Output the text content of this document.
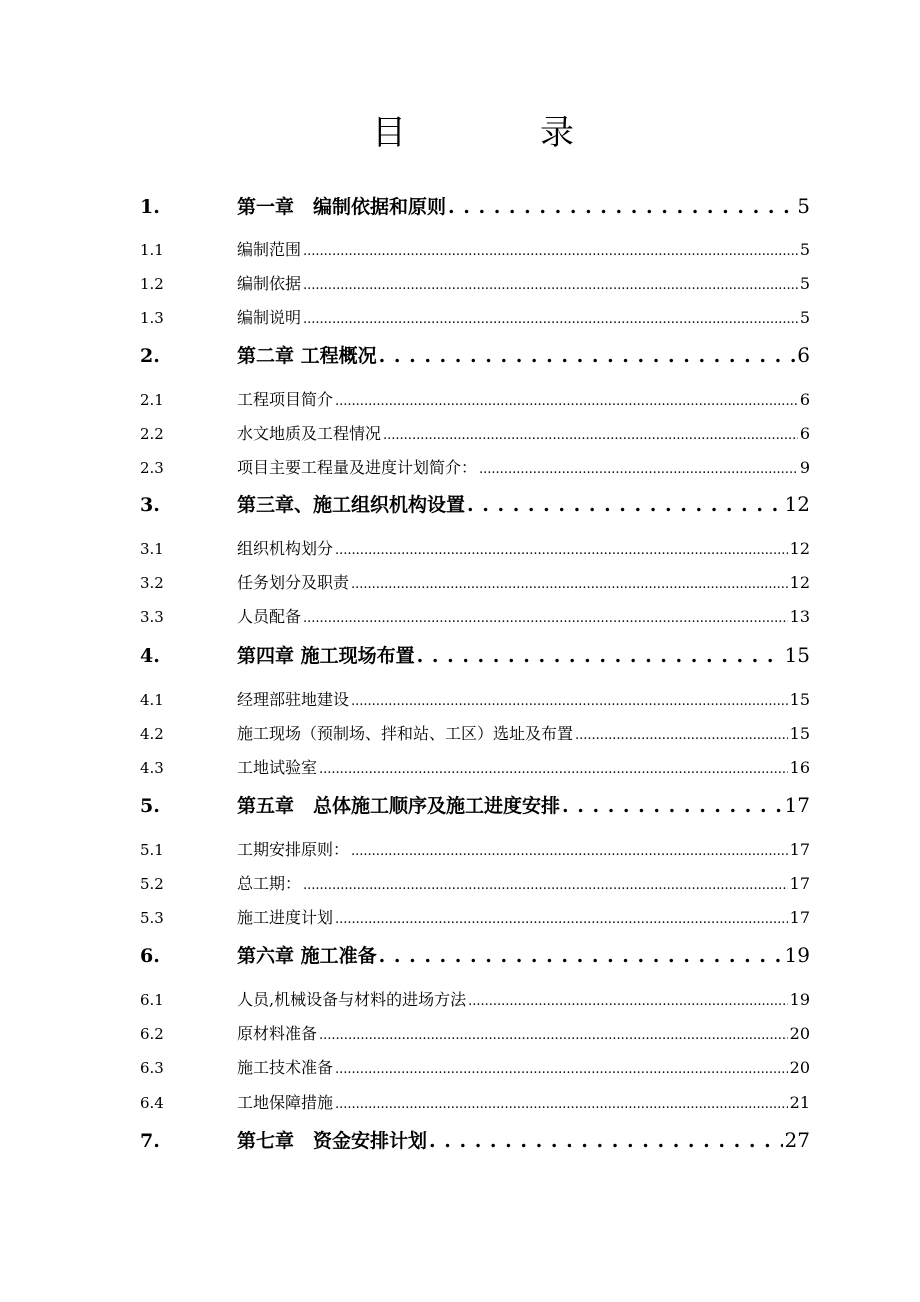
目	录
1.	第一章　编制依据和原则 . . .	5
1.1	编制范围 .....	5
1.2	编制依据 .....	5
1.3	编制说明 .....	5
2.	第二章 工程概况 . . .	6
2.1	工程项目简介 .....	6
2.2	水文地质及工程情况 .....	6
2.3	项目主要工程量及进度计划简介： .....	9
3.	第三章、施工组织机构设置 . . .	12
3.1	组织机构划分 .....	12
3.2	任务划分及职责 .....	12
3.3	人员配备 .....	13
4.	第四章 施工现场布置 . . .	15
4.1	经理部驻地建设 .....	15
4.2	施工现场（预制场、拌和站、工区）选址及布置 .....	15
4.3	工地试验室 .....	16
5.	第五章　总体施工顺序及施工进度安排 . . .	17
5.1	工期安排原则： .....	17
5.2	总工期： .....	17
5.3	施工进度计划 .....	17
6.	第六章 施工准备 . . .	19
6.1	人员,机械设备与材料的进场方法 .....	19
6.2	原材料准备 .....	20
6.3	施工技术准备 .....	20
6.4	工地保障措施 .....	21
7.	第七章　资金安排计划 . . .	27
